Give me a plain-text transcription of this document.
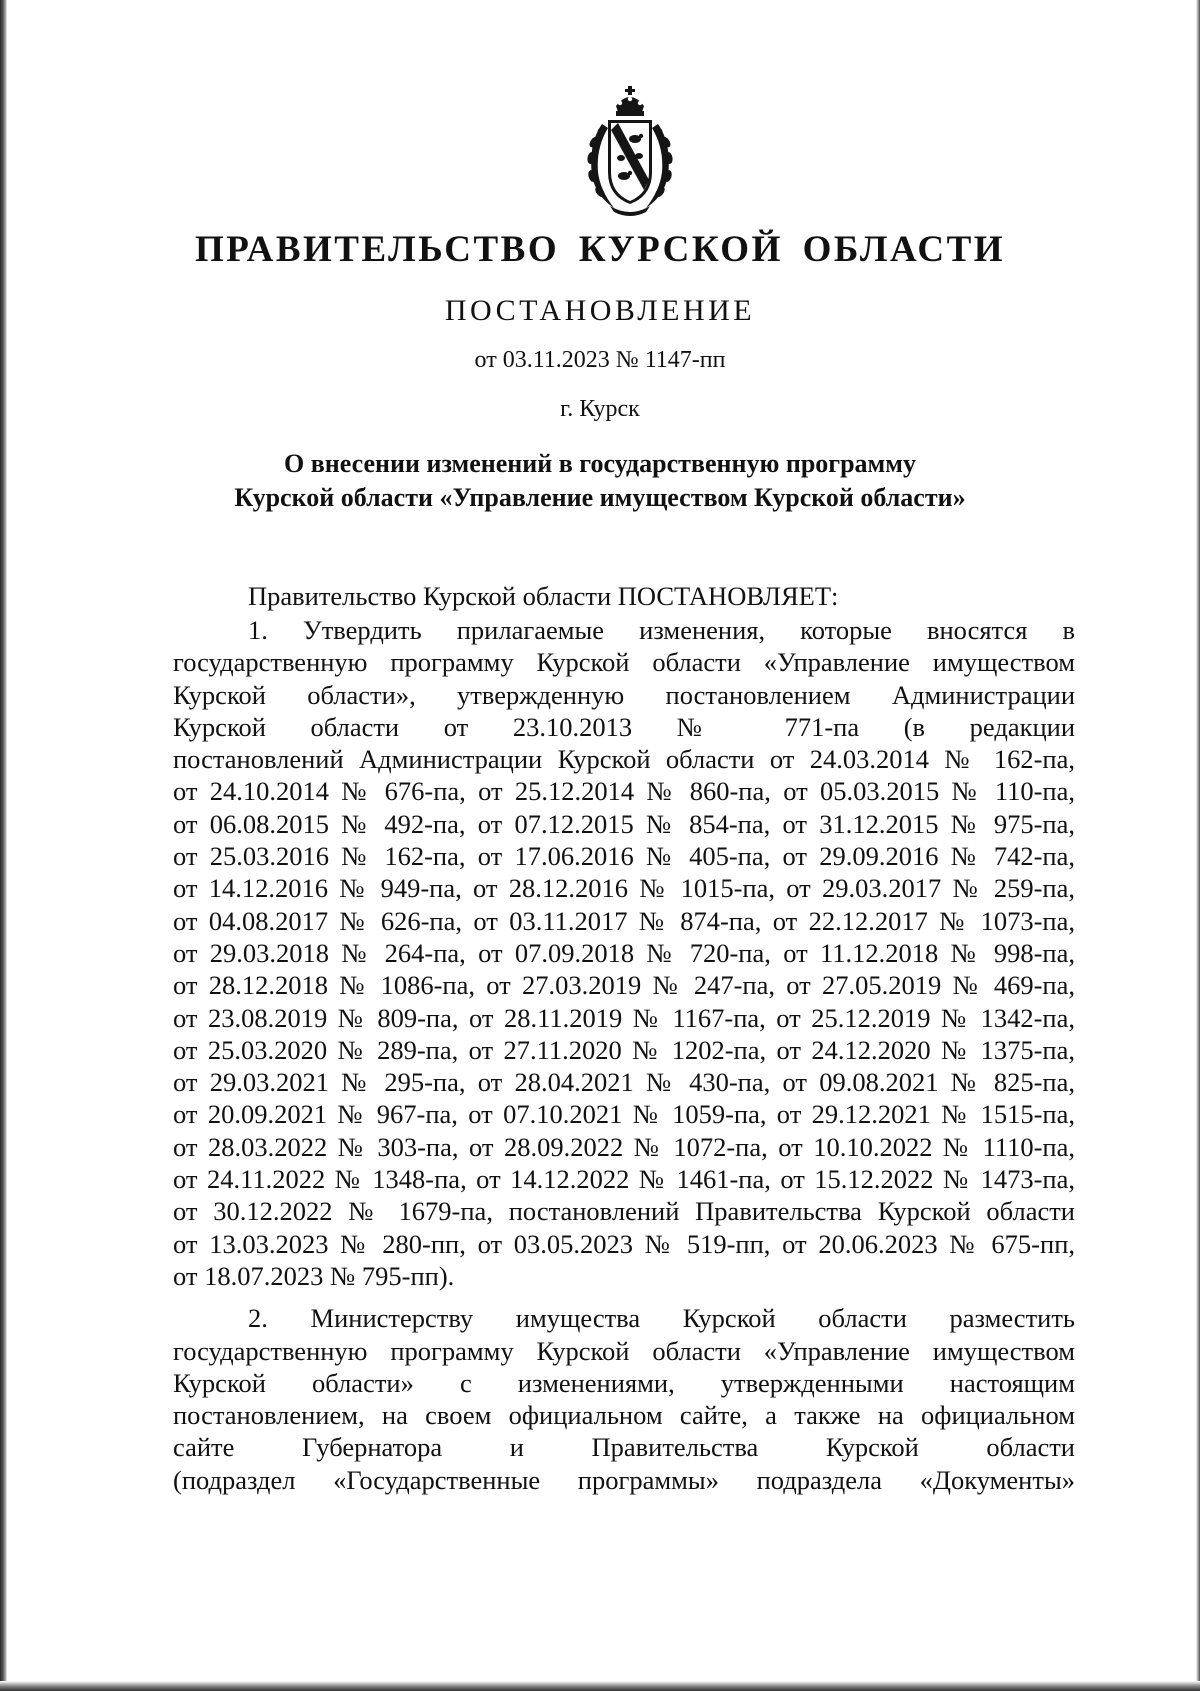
ПРАВИТЕЛЬСТВО КУРСКОЙ ОБЛАСТИ
ПОСТАНОВЛЕНИЕ
от 03.11.2023 № 1147-пп
г. Курск
О внесении изменений в государственную программу
Курской области «Управление имуществом Курской области»
Правительство Курской области ПОСТАНОВЛЯЕТ:
1. Утвердить прилагаемые изменения, которые вносятся в
государственную программу Курской области «Управление имуществом
Курской области», утвержденную постановлением Администрации
Курской области от 23.10.2013 № 771-па (в редакции
постановлений Администрации Курской области от 24.03.2014 № 162-па,
от 24.10.2014 № 676-па, от 25.12.2014 № 860-па, от 05.03.2015 № 110-па,
от 06.08.2015 № 492-па, от 07.12.2015 № 854-па, от 31.12.2015 № 975-па,
от 25.03.2016 № 162-па, от 17.06.2016 № 405-па, от 29.09.2016 № 742-па,
от 14.12.2016 № 949-па, от 28.12.2016 № 1015-па, от 29.03.2017 № 259-па,
от 04.08.2017 № 626-па, от 03.11.2017 № 874-па, от 22.12.2017 № 1073-па,
от 29.03.2018 № 264-па, от 07.09.2018 № 720-па, от 11.12.2018 № 998-па,
от 28.12.2018 № 1086-па, от 27.03.2019 № 247-па, от 27.05.2019 № 469-па,
от 23.08.2019 № 809-па, от 28.11.2019 № 1167-па, от 25.12.2019 № 1342-па,
от 25.03.2020 № 289-па, от 27.11.2020 № 1202-па, от 24.12.2020 № 1375-па,
от 29.03.2021 № 295-па, от 28.04.2021 № 430-па, от 09.08.2021 № 825-па,
от 20.09.2021 № 967-па, от 07.10.2021 № 1059-па, от 29.12.2021 № 1515-па,
от 28.03.2022 № 303-па, от 28.09.2022 № 1072-па, от 10.10.2022 № 1110-па,
от 24.11.2022 № 1348-па, от 14.12.2022 № 1461-па, от 15.12.2022 № 1473-па,
от 30.12.2022 № 1679-па, постановлений Правительства Курской области
от 13.03.2023 № 280-пп, от 03.05.2023 № 519-пп, от 20.06.2023 № 675-пп,
от 18.07.2023 № 795-пп).
2. Министерству имущества Курской области разместить
государственную программу Курской области «Управление имуществом
Курской области» с изменениями, утвержденными настоящим
постановлением, на своем официальном сайте, а также на официальном
сайте Губернатора и Правительства Курской области
(подраздел «Государственные программы» подраздела «Документы»
